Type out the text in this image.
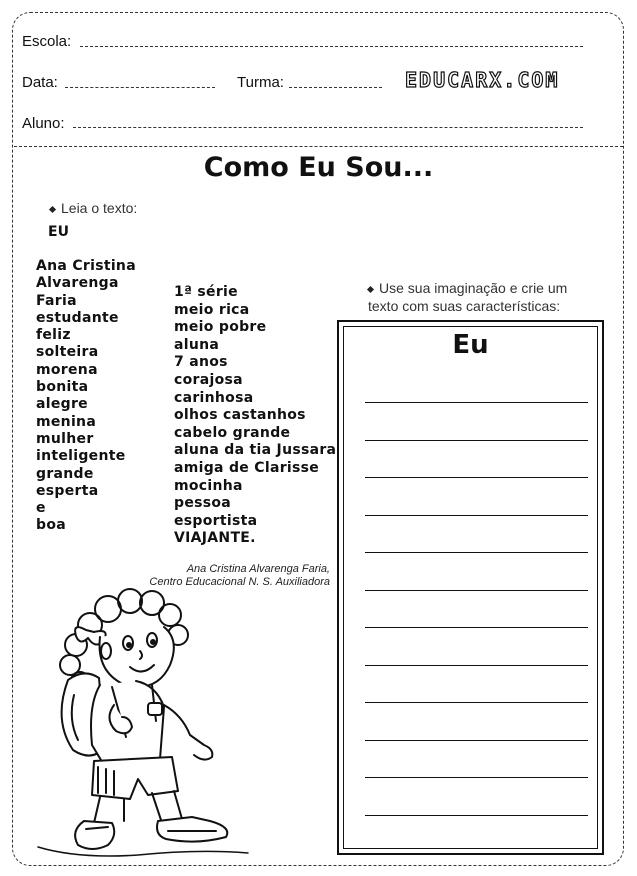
Escola:
Data:	Turma:	EDUCARX.COM
Aluno:
Como Eu Sou...
Leia o texto:
EU
Ana Cristina
Alvarenga
Faria
estudante
feliz
solteira
morena
bonita
alegre
menina
mulher
inteligente
grande
esperta
e
boa
1ª série
meio rica
meio pobre
aluna
7 anos
corajosa
carinhosa
olhos castanhos
cabelo grande
aluna da tia Jussara
amiga de Clarisse
mocinha
pessoa
esportista
VIAJANTE.
Ana Cristina Alvarenga Faria,
Centro Educacional N. S. Auxiliadora
Use sua imaginação e crie um
texto com suas características:
Eu
